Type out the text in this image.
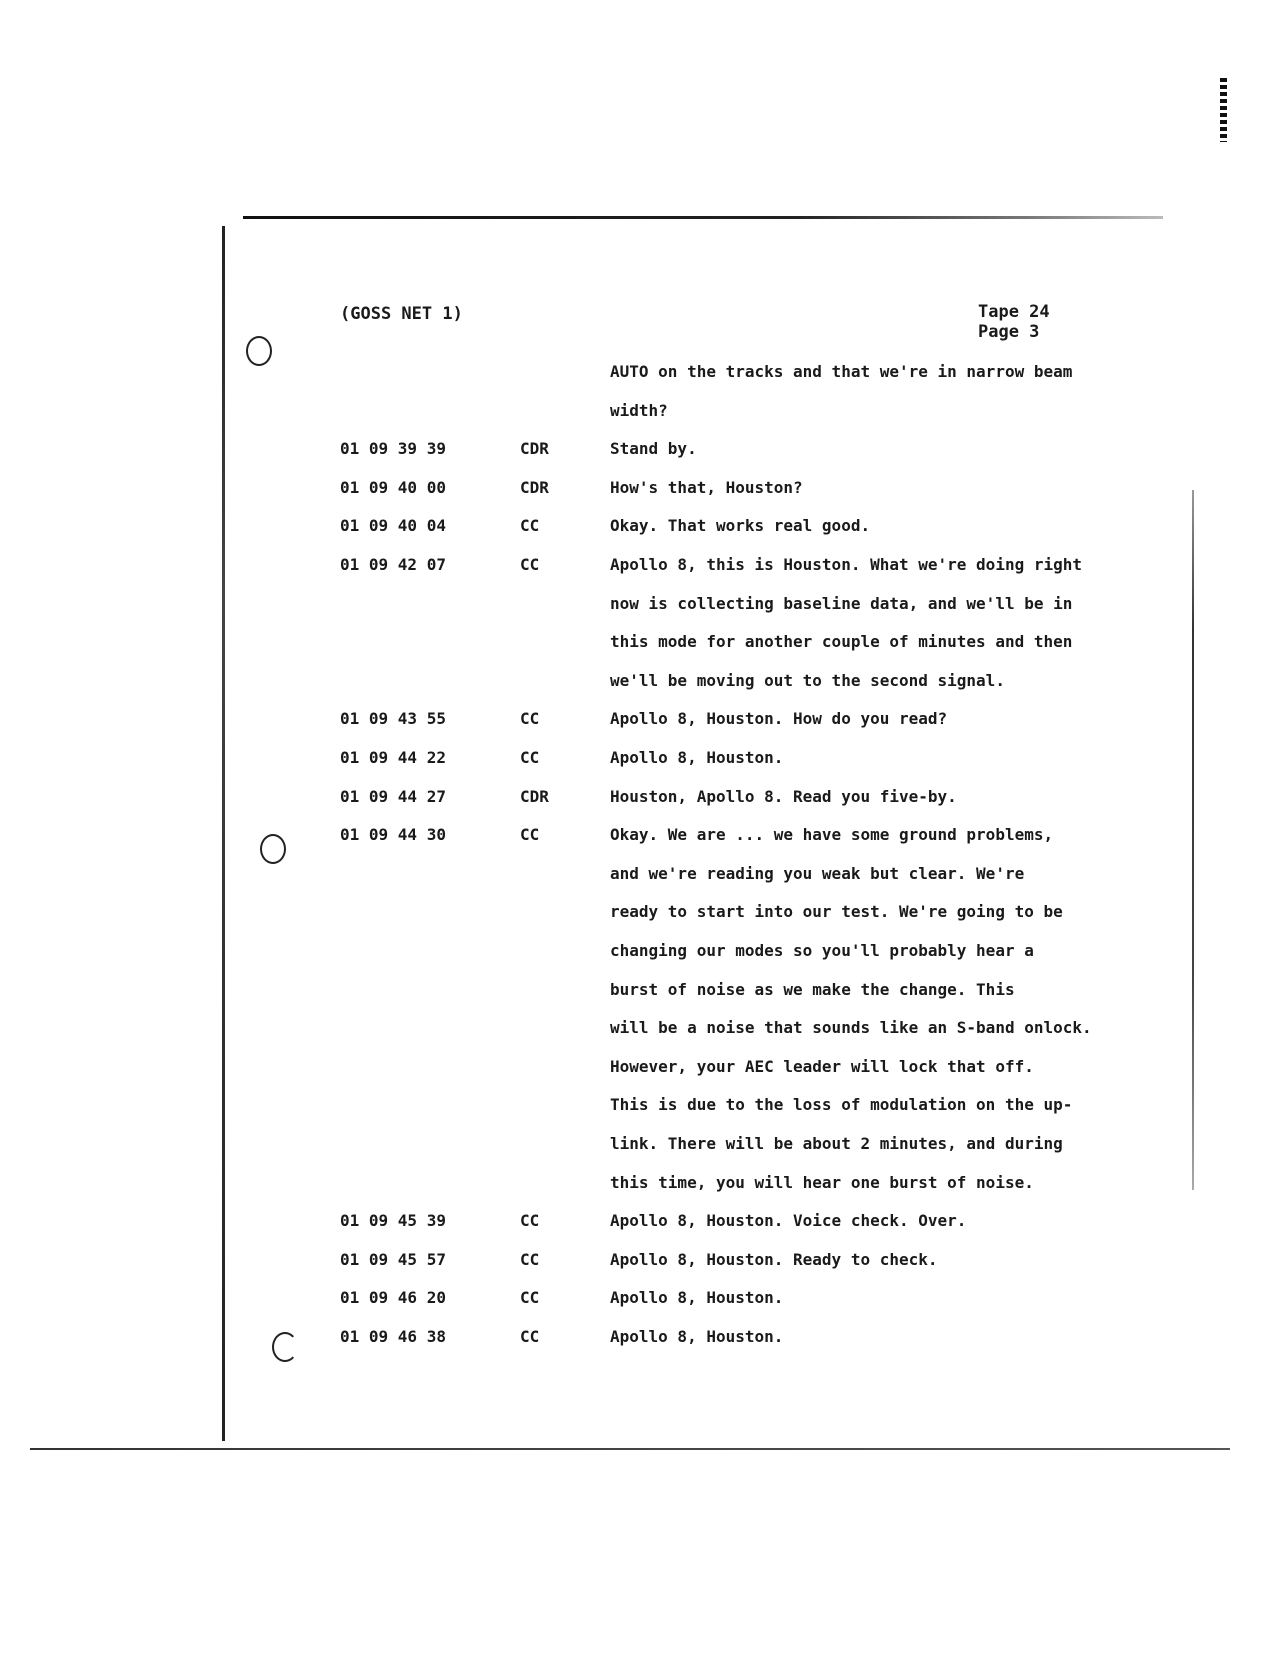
(GOSS NET 1)	Tape 24
Page 3
AUTO on the tracks and that we're in narrow beam
width?
01 09 39 39	CDR	Stand by.
01 09 40 00	CDR	How's that, Houston?
01 09 40 04	CC	Okay. That works real good.
01 09 42 07	CC	Apollo 8, this is Houston. What we're doing right
now is collecting baseline data, and we'll be in
this mode for another couple of minutes and then
we'll be moving out to the second signal.
01 09 43 55	CC	Apollo 8, Houston. How do you read?
01 09 44 22	CC	Apollo 8, Houston.
01 09 44 27	CDR	Houston, Apollo 8. Read you five-by.
01 09 44 30	CC	Okay. We are ... we have some ground problems,
and we're reading you weak but clear. We're
ready to start into our test. We're going to be
changing our modes so you'll probably hear a
burst of noise as we make the change. This
will be a noise that sounds like an S-band onlock.
However, your AEC leader will lock that off.
This is due to the loss of modulation on the up-
link. There will be about 2 minutes, and during
this time, you will hear one burst of noise.
01 09 45 39	CC	Apollo 8, Houston. Voice check. Over.
01 09 45 57	CC	Apollo 8, Houston. Ready to check.
01 09 46 20	CC	Apollo 8, Houston.
01 09 46 38	CC	Apollo 8, Houston.
